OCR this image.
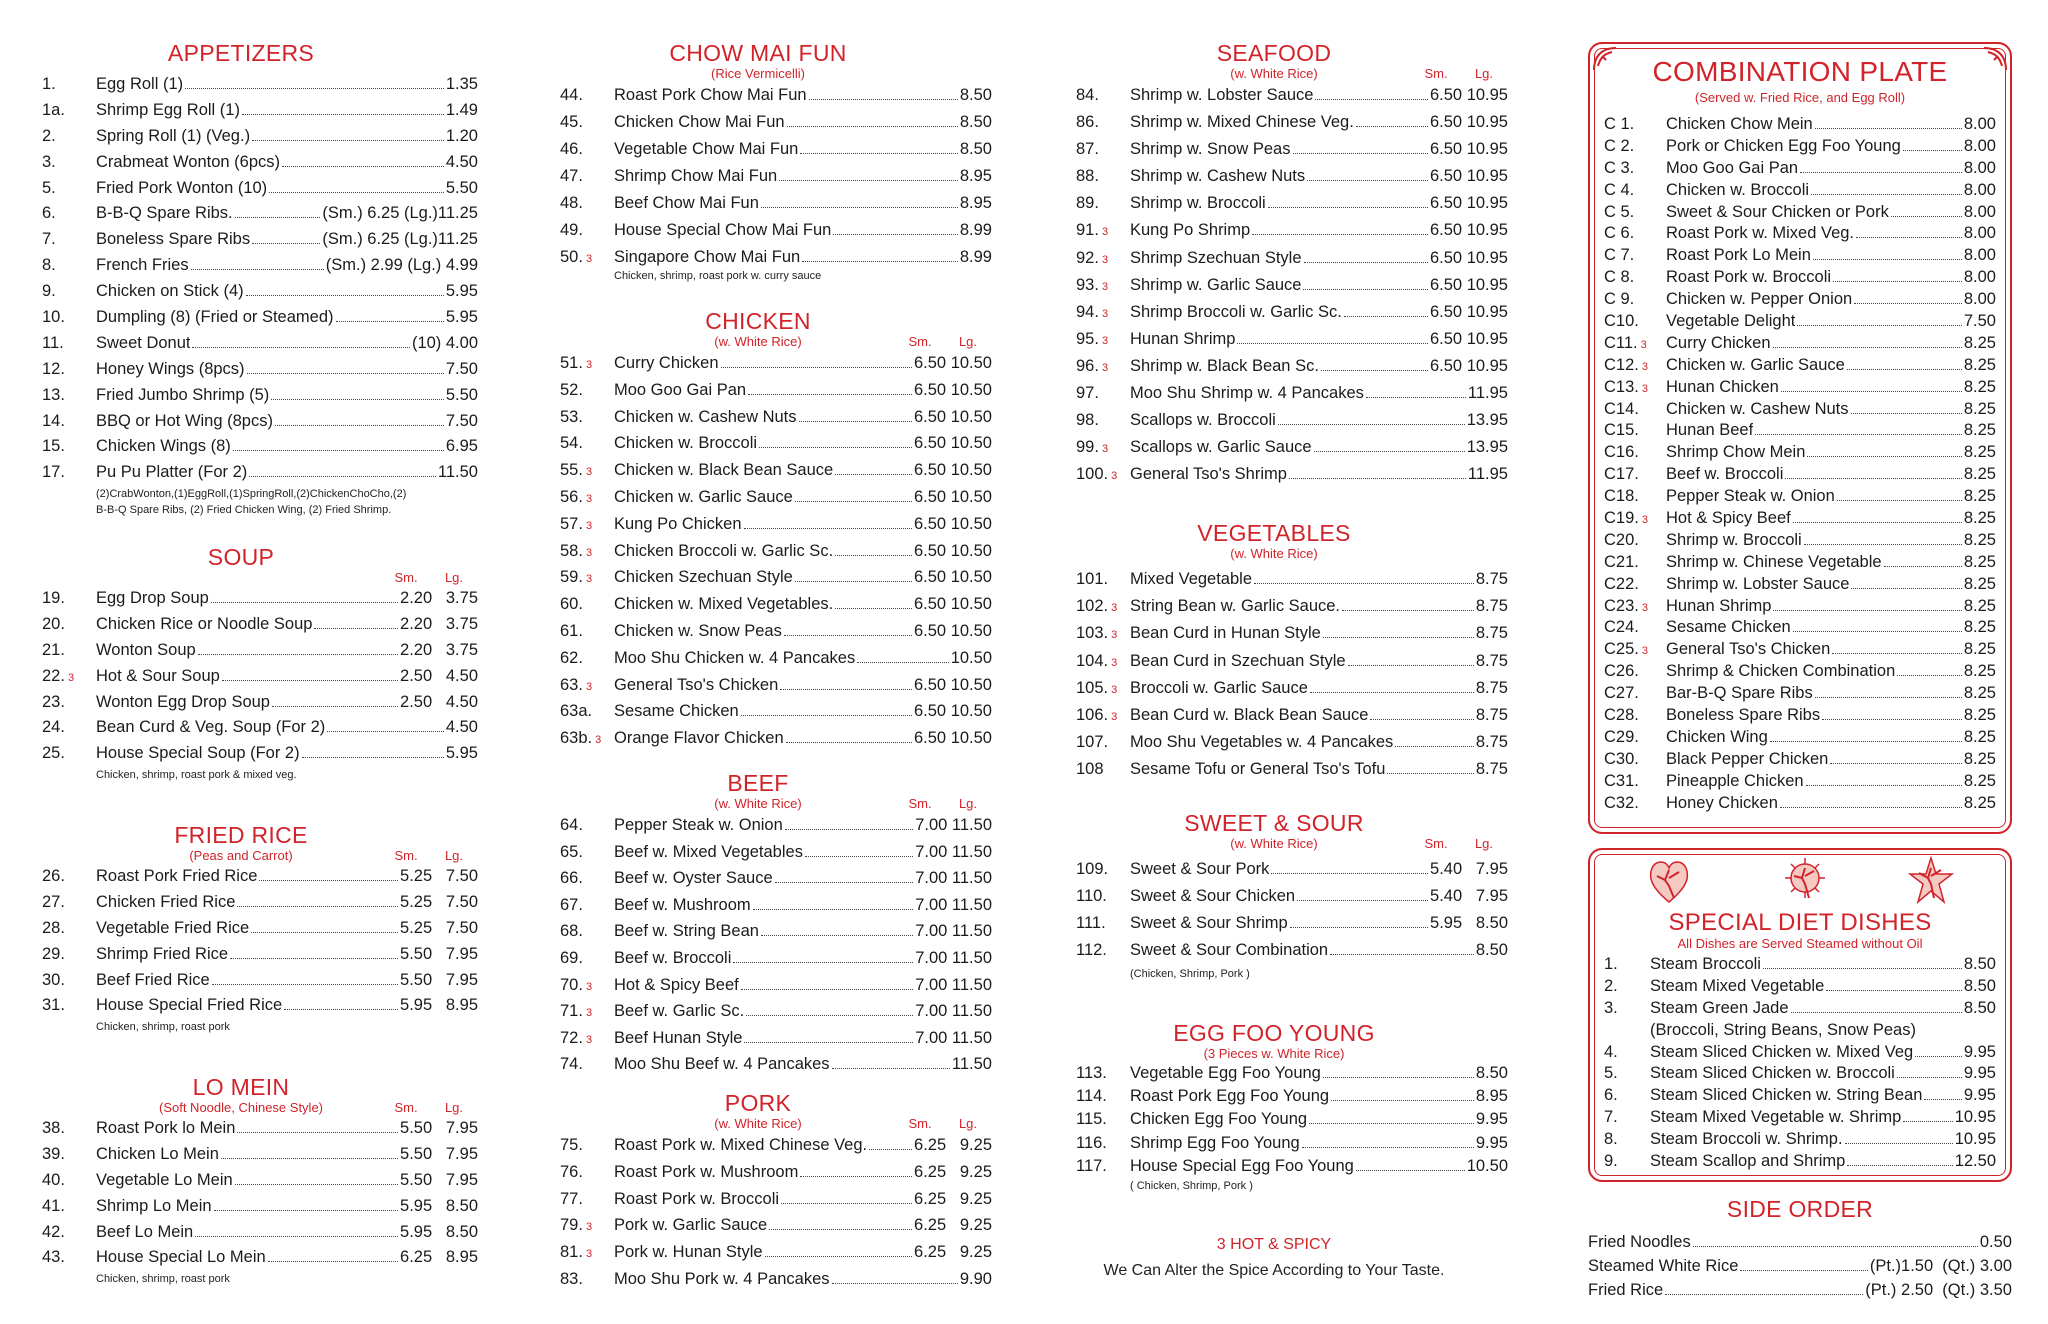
APPETIZERS
1.	Egg Roll (1)	1.35
1a.	Shrimp Egg Roll (1)	1.49
2.	Spring Roll (1) (Veg.)	1.20
3.	Crabmeat Wonton (6pcs)	4.50
5.	Fried Pork Wonton (10)	5.50
6.	B-B-Q Spare Ribs.	(Sm.) 6.25 (Lg.)11.25
7.	Boneless Spare Ribs	(Sm.) 6.25 (Lg.)11.25
8.	French Fries	(Sm.) 2.99 (Lg.) 4.99
9.	Chicken on Stick (4)	5.95
10.	Dumpling (8) (Fried or Steamed)	5.95
11.	Sweet Donut	(10) 4.00
12.	Honey Wings (8pcs)	7.50
13.	Fried Jumbo Shrimp (5)	5.50
14.	BBQ or Hot Wing (8pcs)	7.50
15.	Chicken Wings (8)	6.95
17.	Pu Pu Platter (For 2)	11.50
(2)CrabWonton,(1)EggRoll,(1)SpringRoll,(2)ChickenChoCho,(2)
B-B-Q Spare Ribs, (2) Fried Chicken Wing, (2) Fried Shrimp.
SOUP
Sm. Lg.
19.	Egg Drop Soup	2.20   3.75
20.	Chicken Rice or Noodle Soup	2.20   3.75
21.	Wonton Soup	2.20   3.75
22. 3	Hot & Sour Soup	2.50   4.50
23.	Wonton Egg Drop Soup	2.50   4.50
24.	Bean Curd & Veg. Soup (For 2)	4.50
25.	House Special Soup (For 2)	5.95
Chicken, shrimp, roast pork & mixed veg.
FRIED RICE
(Peas and Carrot)	Sm. Lg.
26.	Roast Pork Fried Rice	5.25   7.50
27.	Chicken Fried Rice	5.25   7.50
28.	Vegetable Fried Rice	5.25   7.50
29.	Shrimp Fried Rice	5.50   7.95
30.	Beef Fried Rice	5.50   7.95
31.	House Special Fried Rice	5.95   8.95
Chicken, shrimp, roast pork
LO MEIN
(Soft Noodle, Chinese Style)	Sm. Lg.
38.	Roast Pork lo Mein	5.50   7.95
39.	Chicken Lo Mein	5.50   7.95
40.	Vegetable Lo Mein	5.50   7.95
41.	Shrimp Lo Mein	5.95   8.50
42.	Beef Lo Mein	5.95   8.50
43.	House Special Lo Mein	6.25   8.95
Chicken, shrimp, roast pork
CHOW MAI FUN
(Rice Vermicelli)
44.	Roast Pork Chow Mai Fun	8.50
45.	Chicken Chow Mai Fun	8.50
46.	Vegetable Chow Mai Fun	8.50
47.	Shrimp Chow Mai Fun	8.95
48.	Beef Chow Mai Fun	8.95
49.	House Special Chow Mai Fun	8.99
50. 3	Singapore Chow Mai Fun	8.99
Chicken, shrimp, roast pork w. curry sauce
CHICKEN
(w. White Rice)	Sm. Lg.
51. 3	Curry Chicken	6.50 10.50
52.	Moo Goo Gai Pan	6.50 10.50
53.	Chicken w. Cashew Nuts	6.50 10.50
54.	Chicken w. Broccoli	6.50 10.50
55. 3	Chicken w. Black Bean Sauce	6.50 10.50
56. 3	Chicken w. Garlic Sauce	6.50 10.50
57. 3	Kung Po Chicken	6.50 10.50
58. 3	Chicken Broccoli w. Garlic Sc.	6.50 10.50
59. 3	Chicken Szechuan Style	6.50 10.50
60.	Chicken w. Mixed Vegetables.	6.50 10.50
61.	Chicken w. Snow Peas	6.50 10.50
62.	Moo Shu Chicken w. 4 Pancakes	10.50
63. 3	General Tso's Chicken	6.50 10.50
63a.	Sesame Chicken	6.50 10.50
63b. 3 Orange Flavor Chicken	6.50 10.50
BEEF
(w. White Rice)	Sm. Lg.
64.	Pepper Steak w. Onion	7.00 11.50
65.	Beef w. Mixed Vegetables	7.00 11.50
66.	Beef w. Oyster Sauce	7.00 11.50
67.	Beef w. Mushroom	7.00 11.50
68.	Beef w. String Bean	7.00 11.50
69.	Beef w. Broccoli	7.00 11.50
70. 3	Hot & Spicy Beef	7.00 11.50
71. 3	Beef w. Garlic Sc.	7.00 11.50
72. 3	Beef Hunan Style	7.00 11.50
74.	Moo Shu Beef w. 4 Pancakes	11.50
PORK
(w. White Rice)	Sm. Lg.
75.	Roast Pork w. Mixed Chinese Veg.	6.25   9.25
76.	Roast Pork w. Mushroom	6.25   9.25
77.	Roast Pork w. Broccoli	6.25   9.25
79. 3	Pork w. Garlic Sauce	6.25   9.25
81. 3	Pork w. Hunan Style	6.25   9.25
83.	Moo Shu Pork w. 4 Pancakes	9.90
SEAFOOD
(w. White Rice)	Sm. Lg.
84.	Shrimp w. Lobster Sauce	6.50 10.95
86.	Shrimp w. Mixed Chinese Veg.	6.50 10.95
87.	Shrimp w. Snow Peas	6.50 10.95
88.	Shrimp w. Cashew Nuts	6.50 10.95
89.	Shrimp w. Broccoli	6.50 10.95
91. 3	Kung Po Shrimp	6.50 10.95
92. 3	Shrimp Szechuan Style	6.50 10.95
93. 3	Shrimp w. Garlic Sauce	6.50 10.95
94. 3	Shrimp Broccoli w. Garlic Sc.	6.50 10.95
95. 3	Hunan Shrimp	6.50 10.95
96. 3	Shrimp w. Black Bean Sc.	6.50 10.95
97.	Moo Shu Shrimp w. 4 Pancakes	11.95
98.	Scallops w. Broccoli	13.95
99. 3	Scallops w. Garlic Sauce	13.95
100. 3 General Tso's Shrimp	11.95
VEGETABLES
(w. White Rice)
101.	Mixed Vegetable	8.75
102. 3 String Bean w. Garlic Sauce.	8.75
103. 3 Bean Curd in Hunan Style	8.75
104. 3 Bean Curd in Szechuan Style	8.75
105. 3 Broccoli w. Garlic Sauce	8.75
106. 3 Bean Curd w. Black Bean Sauce	8.75
107.	Moo Shu Vegetables w. 4 Pancakes	8.75
108	Sesame Tofu or General Tso's Tofu	8.75
SWEET & SOUR
(w. White Rice)	Sm. Lg.
109.	Sweet & Sour Pork	5.40   7.95
110.	Sweet & Sour Chicken	5.40   7.95
111.	Sweet & Sour Shrimp	5.95   8.50
112.	Sweet & Sour Combination	8.50
(Chicken, Shrimp, Pork )
EGG FOO YOUNG
(3 Pieces w. White Rice)
113.	Vegetable Egg Foo Young	8.50
114.	Roast Pork Egg Foo Young	8.95
115.	Chicken Egg Foo Young	9.95
116.	Shrimp Egg Foo Young	9.95
117.	House Special Egg Foo Young	10.50
( Chicken, Shrimp, Pork )
3 HOT & SPICY
We Can Alter the Spice According to Your Taste.
COMBINATION PLATE
(Served w. Fried Rice, and Egg Roll)
C 1.	Chicken Chow Mein	8.00
C 2.	Pork or Chicken Egg Foo Young	8.00
C 3.	Moo Goo Gai Pan	8.00
C 4.	Chicken w. Broccoli	8.00
C 5.	Sweet & Sour Chicken or Pork	8.00
C 6.	Roast Pork w. Mixed Veg.	8.00
C 7.	Roast Pork Lo Mein	8.00
C 8.	Roast Pork w. Broccoli	8.00
C 9.	Chicken w. Pepper Onion	8.00
C10.	Vegetable Delight	7.50
C11. 3	Curry Chicken	8.25
C12. 3	Chicken w. Garlic Sauce	8.25
C13. 3	Hunan Chicken	8.25
C14.	Chicken w. Cashew Nuts	8.25
C15.	Hunan Beef	8.25
C16.	Shrimp Chow Mein	8.25
C17.	Beef w. Broccoli	8.25
C18.	Pepper Steak w. Onion	8.25
C19. 3	Hot & Spicy Beef	8.25
C20.	Shrimp w. Broccoli	8.25
C21.	Shrimp w. Chinese Vegetable	8.25
C22.	Shrimp w. Lobster Sauce	8.25
C23. 3	Hunan Shrimp	8.25
C24.	Sesame Chicken	8.25
C25. 3	General Tso's Chicken	8.25
C26.	Shrimp & Chicken Combination	8.25
C27.	Bar-B-Q Spare Ribs	8.25
C28.	Boneless Spare Ribs	8.25
C29.	Chicken Wing	8.25
C30.	Black Pepper Chicken	8.25
C31.	Pineapple Chicken	8.25
C32.	Honey Chicken	8.25
SPECIAL DIET DISHES
All Dishes are Served Steamed without Oil
1.	Steam Broccoli	8.50
2.	Steam Mixed Vegetable	8.50
3.	Steam Green Jade	8.50
(Broccoli, String Beans, Snow Peas)
4.	Steam Sliced Chicken w. Mixed Veg	9.95
5.	Steam Sliced Chicken w. Broccoli	9.95
6.	Steam Sliced Chicken w. String Bean	9.95
7.	Steam Mixed Vegetable w. Shrimp	10.95
8.	Steam Broccoli w. Shrimp.	10.95
9.	Steam Scallop and Shrimp	12.50
SIDE ORDER
Fried Noodles	0.50
Steamed White Rice	(Pt.)1.50  (Qt.) 3.00
Fried Rice	(Pt.) 2.50  (Qt.) 3.50
